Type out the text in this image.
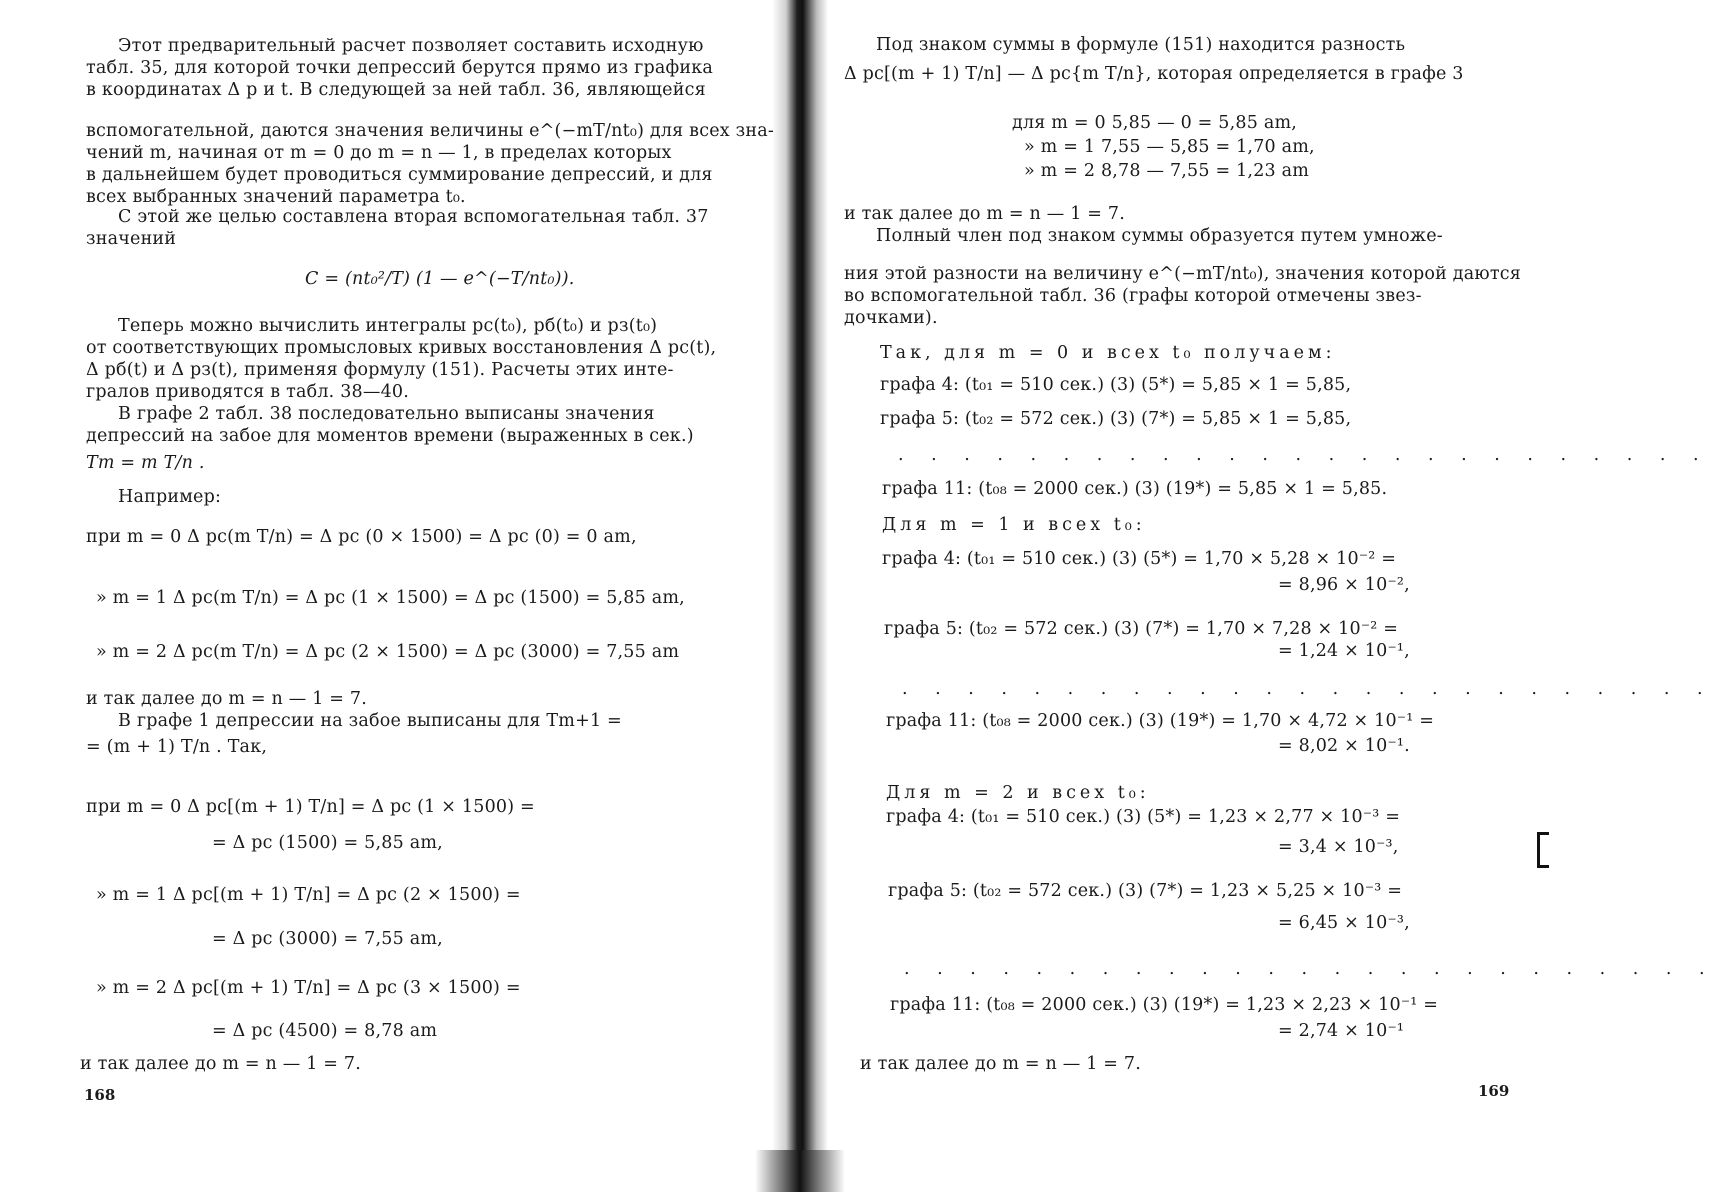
Этот предварительный расчет позволяет составить исходную
табл. 35, для которой точки депрессий берутся прямо из графика
в координатах Δ p и t. В следующей за ней табл. 36, являющейся
вспомогательной, даются значения величины e^(−mT/nt₀) для всех зна-
чений m, начиная от m = 0 до m = n — 1, в пределах которых
в дальнейшем будет проводиться суммирование депрессий, и для
всех выбранных значений параметра t₀.
С этой же целью составлена вторая вспомогательная табл. 37
значений
C = (nt₀²/T) (1 — e^(−T/nt₀)).
Теперь можно вычислить интегралы pс(t₀), pб(t₀) и pз(t₀)
от соответствующих промысловых кривых восстановления Δ pс(t),
Δ pб(t) и Δ pз(t), применяя формулу (151). Расчеты этих инте-
гралов приводятся в табл. 38—40.
В графе 2 табл. 38 последовательно выписаны значения
депрессий на забое для моментов времени (выраженных в сек.)
Tm = m T/n .
Например:
при m = 0 Δ pс(m T/n) = Δ pс (0 × 1500) = Δ pс (0) = 0 am,
» m = 1 Δ pс(m T/n) = Δ pс (1 × 1500) = Δ pс (1500) = 5,85 am,
» m = 2 Δ pс(m T/n) = Δ pс (2 × 1500) = Δ pс (3000) = 7,55 am
и так далее до m = n — 1 = 7.
В графе 1 депрессии на забое выписаны для Tm+1 =
= (m + 1) T/n . Так,
при m = 0 Δ pс[(m + 1) T/n] = Δ pс (1 × 1500) =
= Δ pс (1500) = 5,85 am,
» m = 1 Δ pс[(m + 1) T/n] = Δ pс (2 × 1500) =
= Δ pс (3000) = 7,55 am,
» m = 2 Δ pс[(m + 1) T/n] = Δ pс (3 × 1500) =
= Δ pс (4500) = 8,78 am
и так далее до m = n — 1 = 7.
168
Под знаком суммы в формуле (151) находится разность
Δ pс[(m + 1) T/n] — Δ pс{m T/n}, которая определяется в графе 3
для m = 0 5,85 — 0 = 5,85 am,
» m = 1 7,55 — 5,85 = 1,70 am,
» m = 2 8,78 — 7,55 = 1,23 am
и так далее до m = n — 1 = 7.
Полный член под знаком суммы образуется путем умноже-
ния этой разности на величину e^(−mT/nt₀), значения которой даются
во вспомогательной табл. 36 (графы которой отмечены звез-
дочками).
Так, для m = 0 и всех t₀ получаем:
графа 4: (t₀₁ = 510 сек.) (3) (5*) = 5,85 × 1 = 5,85,
графа 5: (t₀₂ = 572 сек.) (3) (7*) = 5,85 × 1 = 5,85,
. . . . . . . . . . . . . . . . . . . . . . . . .
графа 11: (t₀₈ = 2000 сек.) (3) (19*) = 5,85 × 1 = 5,85.
Для m = 1 и всех t₀:
графа 4: (t₀₁ = 510 сек.) (3) (5*) = 1,70 × 5,28 × 10⁻² =
= 8,96 × 10⁻²,
графа 5: (t₀₂ = 572 сек.) (3) (7*) = 1,70 × 7,28 × 10⁻² =
= 1,24 × 10⁻¹,
. . . . . . . . . . . . . . . . . . . . . . . . .
графа 11: (t₀₈ = 2000 сек.) (3) (19*) = 1,70 × 4,72 × 10⁻¹ =
= 8,02 × 10⁻¹.
Для m = 2 и всех t₀:
графа 4: (t₀₁ = 510 сек.) (3) (5*) = 1,23 × 2,77 × 10⁻³ =
= 3,4 × 10⁻³,
графа 5: (t₀₂ = 572 сек.) (3) (7*) = 1,23 × 5,25 × 10⁻³ =
= 6,45 × 10⁻³,
. . . . . . . . . . . . . . . . . . . . . . . . .
графа 11: (t₀₈ = 2000 сек.) (3) (19*) = 1,23 × 2,23 × 10⁻¹ =
= 2,74 × 10⁻¹
и так далее до m = n — 1 = 7.
169
